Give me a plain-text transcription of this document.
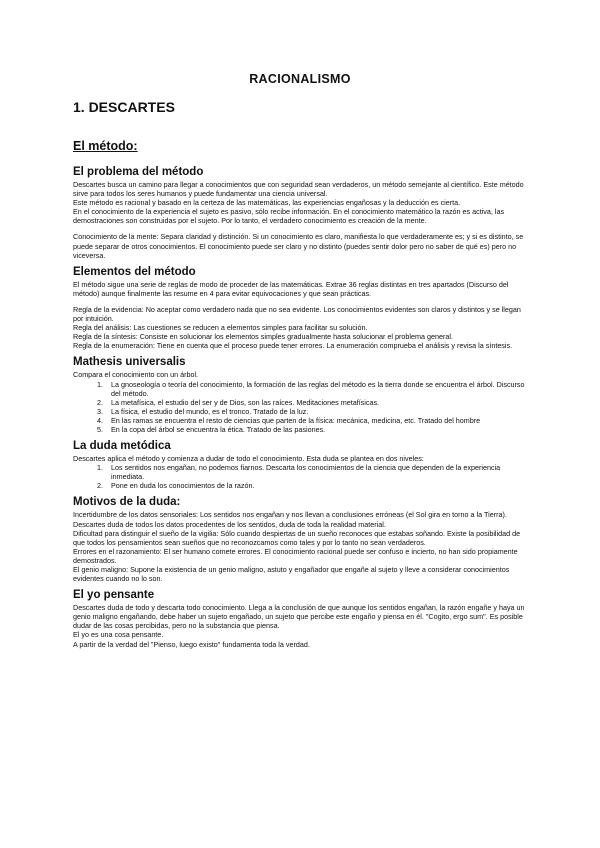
RACIONALISMO
1. DESCARTES
El método:
El problema del método

Descartes busca un camino para llegar a conocimientos que con seguridad sean verdaderos, un método semejante al científico. Este método sirve para todos los seres humanos y puede fundamentar una ciencia universal.

Este método es racional y basado en la certeza de las matemáticas, las experiencias engañosas y la deducción es cierta.

En el conocimiento de la experiencia el sujeto es pasivo, sólo recibe información. En el conocimiento matemático la razón es activa, las demostraciones son construidas por el sujeto. Por lo tanto, el verdadero conocimiento es creación de la mente.

Conocimiento de la mente: Separa claridad y distinción. Si un conocimiento es claro, manifiesta lo que verdaderamente es; y si es distinto, se puede separar de otros conocimientos. El conocimiento puede ser claro y no distinto (puedes sentir dolor pero no saber de qué es) pero no viceversa.

Elementos del método

El método sigue una serie de reglas de modo de proceder de las matemáticas. Extrae 36 reglas distintas en tres apartados (Discurso del método) aunque finalmente las resume en 4 para evitar equivocaciones y que sean prácticas.

Regla de la evidencia: No aceptar como verdadero nada que no sea evidente. Los conocimientos evidentes son claros y distintos y se llegan por intuición.

Regla del análisis: Las cuestiones se reducen a elementos simples para facilitar su solución.

Regla de la síntesis: Consiste en solucionar los elementos simples gradualmente hasta solucionar el problema general.

Regla de la enumeración: Tiene en cuenta que el proceso puede tener errores. La enumeración comprueba el análisis y revisa la síntesis.

Mathesis universalis

Compara el conocimiento con un árbol.

1. La gnoseología o teoría del conocimiento, la formación de las reglas del método es la tierra donde se encuentra el árbol. Discurso del método.
2. La metafísica, el estudio del ser y de Dios, son las raíces. Meditaciones metafísicas.
3. La física, el estudio del mundo, es el tronco. Tratado de la luz.
4. En las ramas se encuentra el resto de ciencias que parten de la física: mecánica, medicina, etc. Tratado del hombre
5. En la copa del árbol se encuentra la ética. Tratado de las pasiones.
La duda metódica

Descartes aplica el método y comienza a dudar de todo el conocimiento. Esta duda se plantea en dos niveles:

1. Los sentidos nos engañan, no podemos fiarnos. Descarta los conocimientos de la ciencia que dependen de la experiencia inmediata.
2. Pone en duda los conocimientos de la razón.
Motivos de la duda:

Incertidumbre de los datos sensoriales: Los sentidos nos engañan y nos llevan a conclusiones erróneas (el Sol gira en torno a la Tierra). Descartes duda de todos los datos procedentes de los sentidos, duda de toda la realidad material.

Dificultad para distinguir el sueño de la vigilia: Sólo cuando despiertas de un sueño reconoces que estabas soñando. Existe la posibilidad de que todos los pensamientos sean sueños que no reconozcamos como tales y por lo tanto no sean verdaderos.

Errores en el razonamiento: El ser humano comete errores. El conocimiento racional puede ser confuso e incierto, no han sido propiamente demostrados.

El genio maligno: Supone la existencia de un genio maligno, astuto y engañador que engañe al sujeto y lleve a considerar conocimientos evidentes cuando no lo son.

El yo pensante

Descartes duda de todo y descarta todo conocimiento. Llega a la conclusión de que aunque los sentidos engañan, la razón engañe y haya un genio maligno engañando, debe haber un sujeto engañado, un sujeto que percibe este engaño y piensa en él. "Cogito, ergo sum". Es posible dudar de las cosas percibidas, pero no la substancia que piensa.

El yo es una cosa pensante.

A partir de la verdad del "Pienso, luego existo" fundamenta toda la verdad.
